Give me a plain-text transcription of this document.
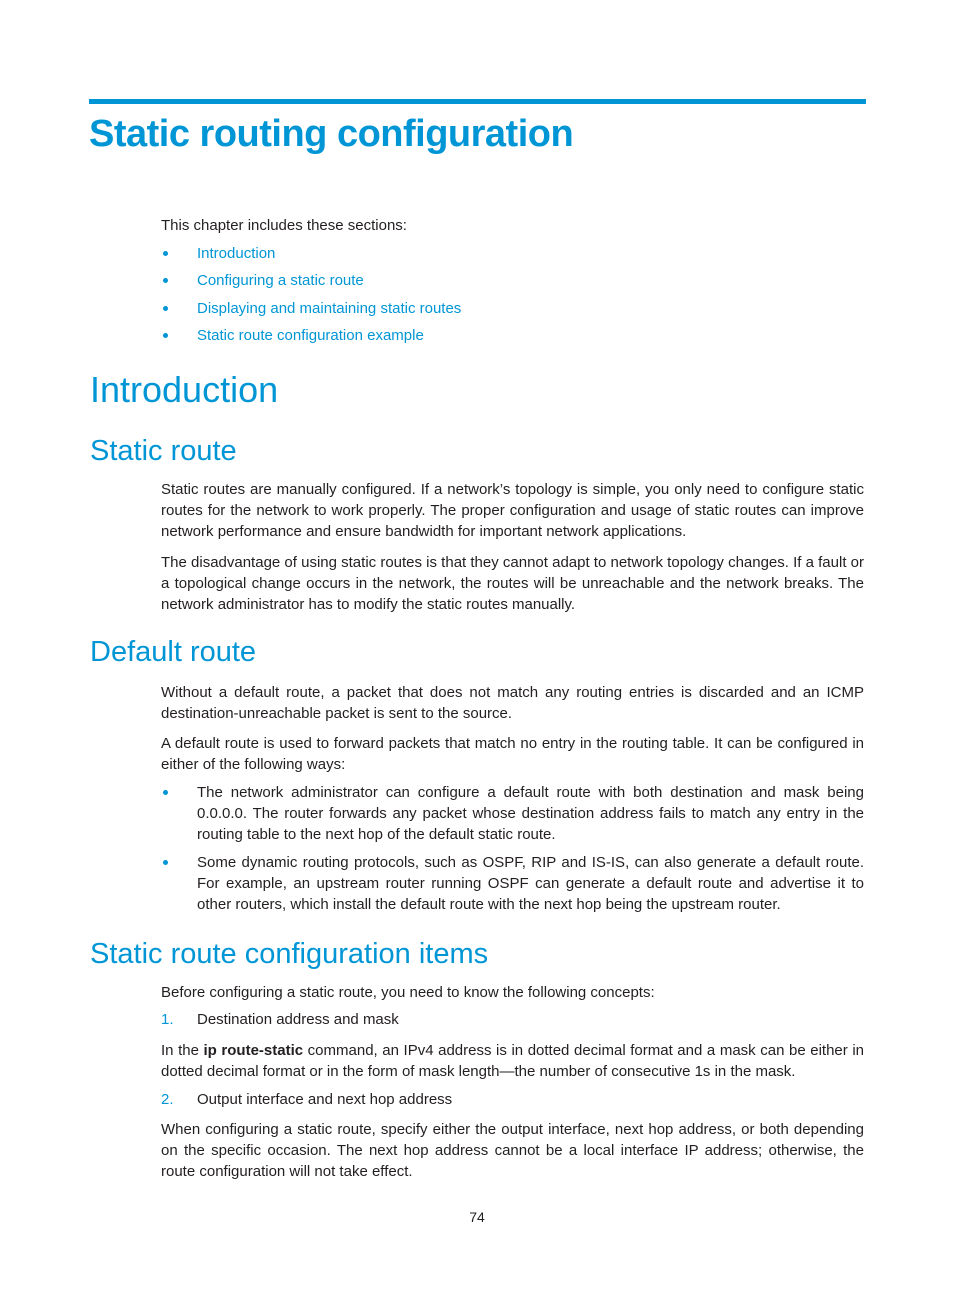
Static routing configuration

This chapter includes these sections:

Introduction
Configuring a static route
Displaying and maintaining static routes
Static route configuration example
Introduction
Static route

Static routes are manually configured. If a network’s topology is simple, you only need to configure static routes for the network to work properly. The proper configuration and usage of static routes can improve network performance and ensure bandwidth for important network applications.

The disadvantage of using static routes is that they cannot adapt to network topology changes. If a fault or a topological change occurs in the network, the routes will be unreachable and the network breaks. The network administrator has to modify the static routes manually.

Default route

Without a default route, a packet that does not match any routing entries is discarded and an ICMP destination-unreachable packet is sent to the source.

A default route is used to forward packets that match no entry in the routing table. It can be configured in either of the following ways:

The network administrator can configure a default route with both destination and mask being 0.0.0.0. The router forwards any packet whose destination address fails to match any entry in the routing table to the next hop of the default static route.
Some dynamic routing protocols, such as OSPF, RIP and IS-IS, can also generate a default route. For example, an upstream router running OSPF can generate a default route and advertise it to other routers, which install the default route with the next hop being the upstream router.
Static route configuration items

Before configuring a static route, you need to know the following concepts:

1. Destination address and mask

In the ip route-static command, an IPv4 address is in dotted decimal format and a mask can be either in dotted decimal format or in the form of mask length—the number of consecutive 1s in the mask.

2. Output interface and next hop address

When configuring a static route, specify either the output interface, next hop address, or both depending on the specific occasion. The next hop address cannot be a local interface IP address; otherwise, the route configuration will not take effect.

74
